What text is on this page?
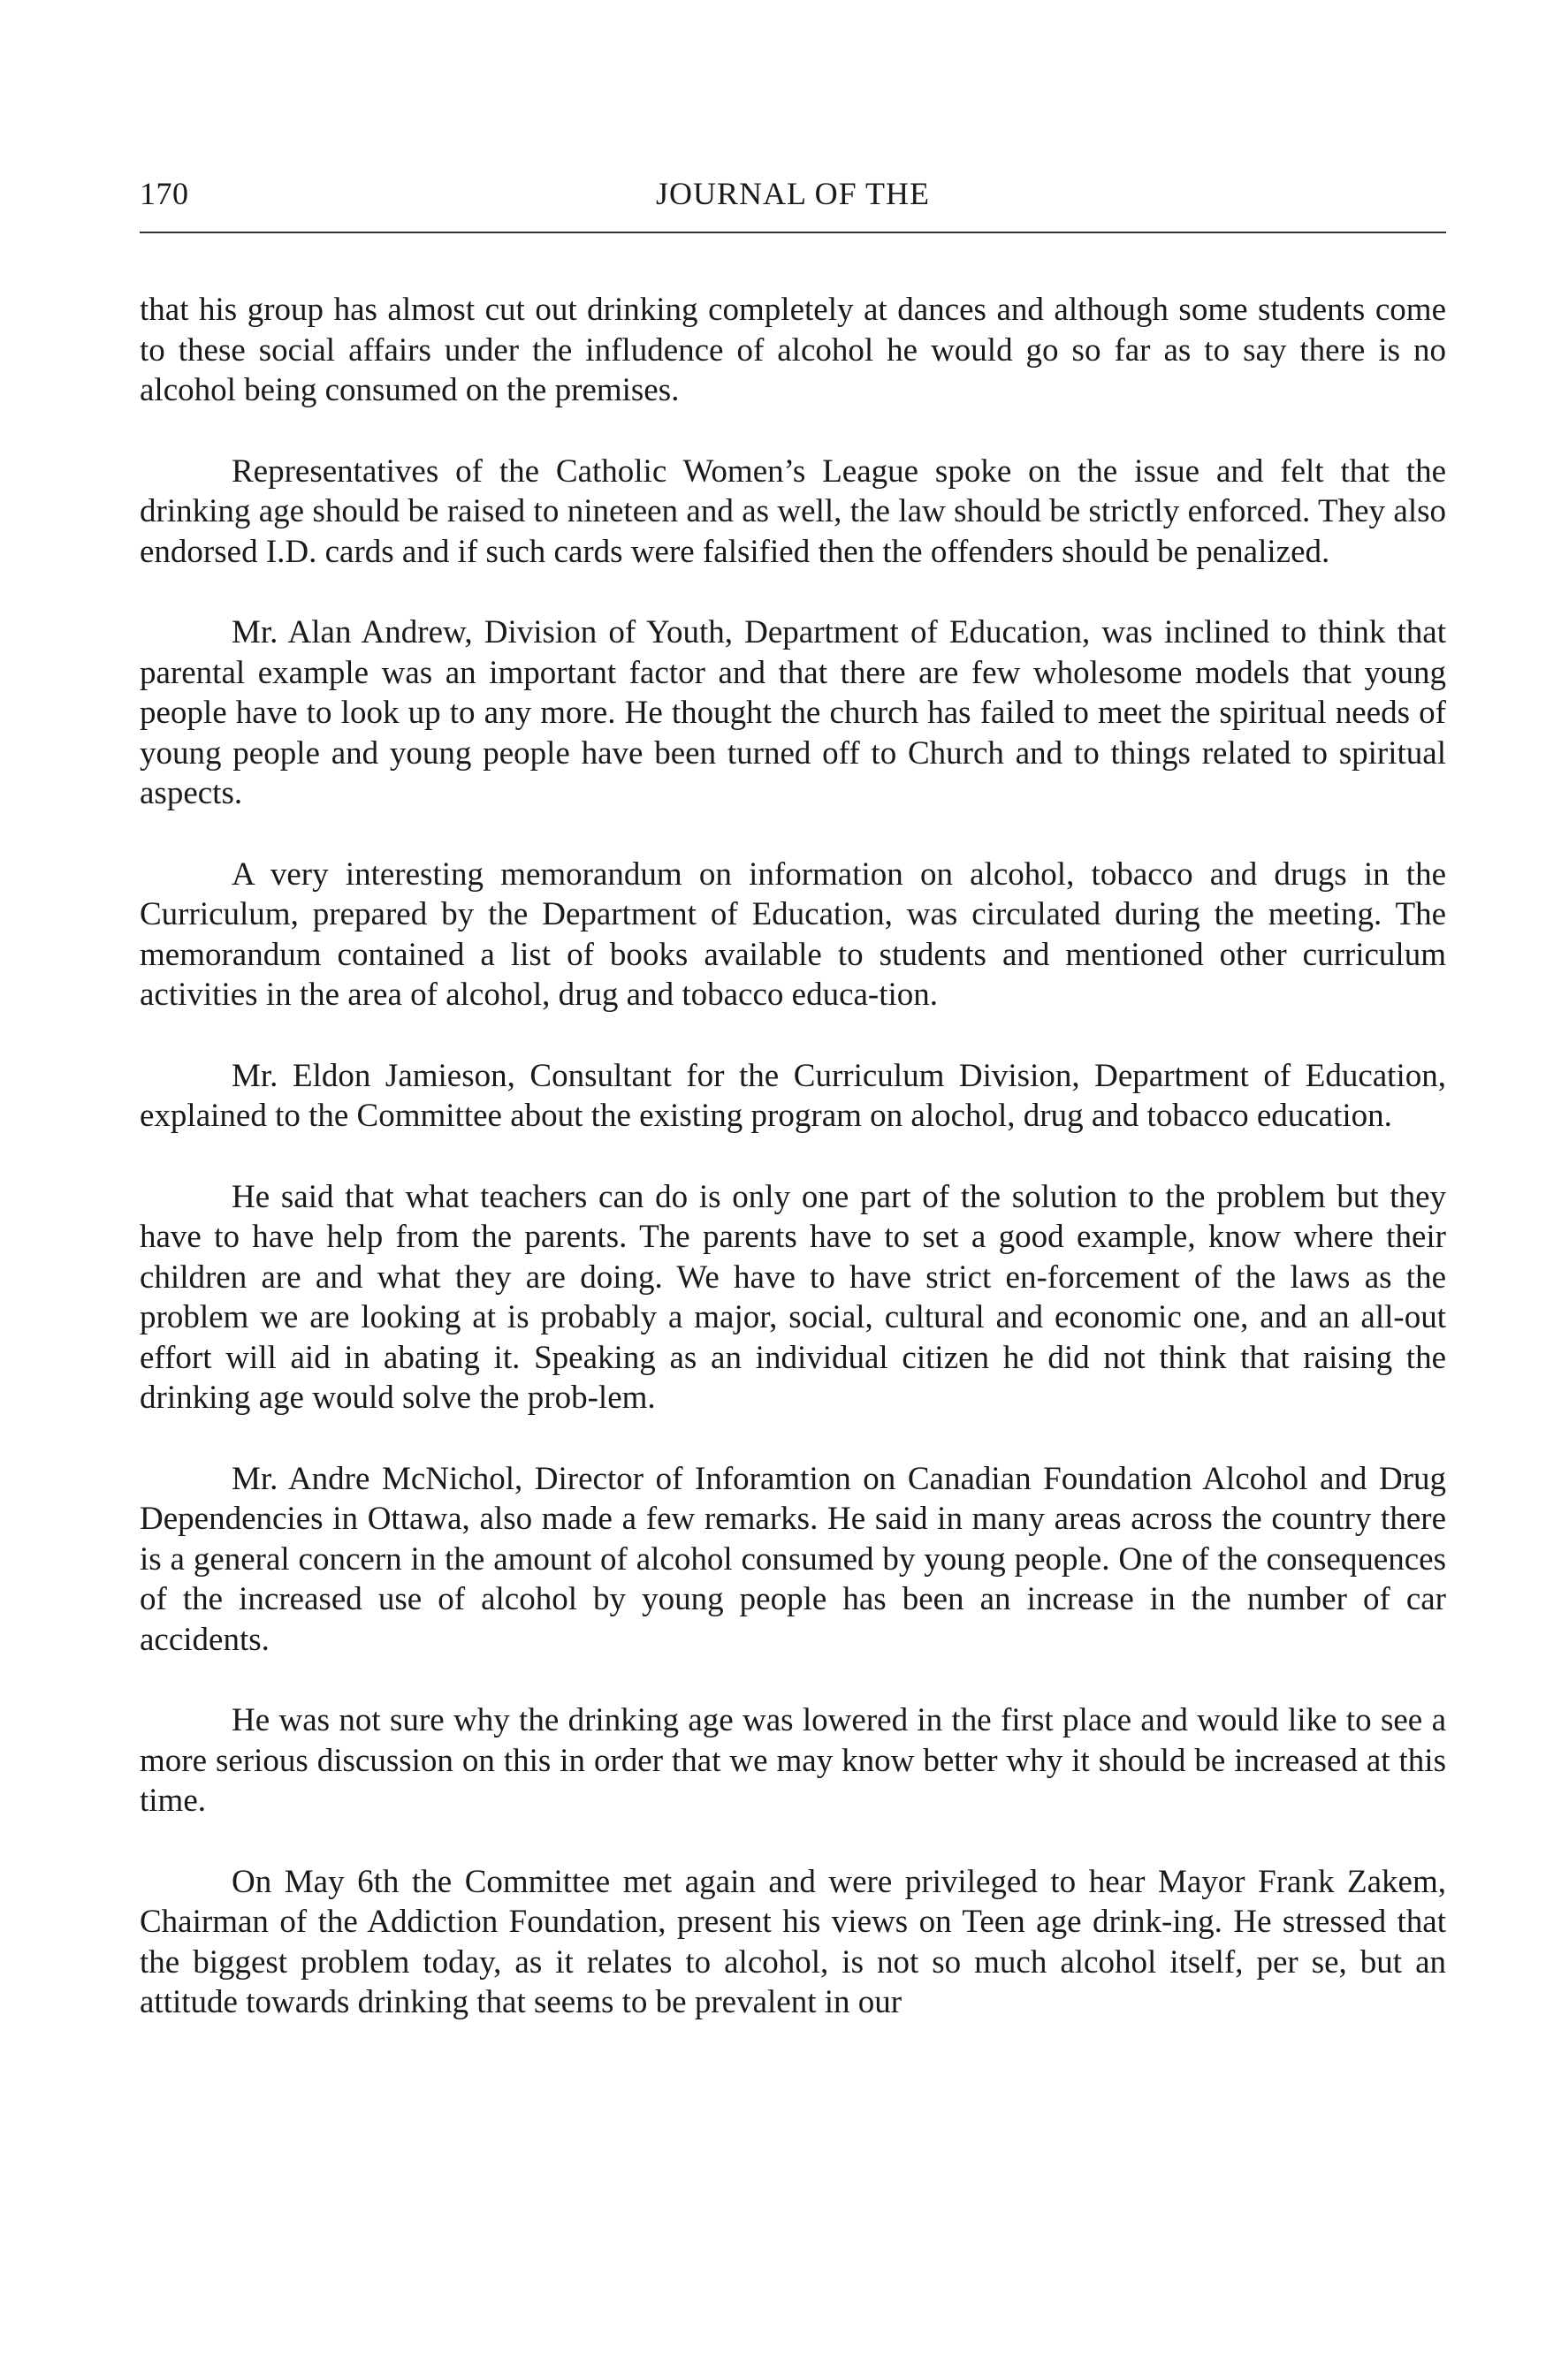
170	JOURNAL OF THE

that his group has almost cut out drinking completely at dances and although some students come to these social affairs under the infludence of alcohol he would go so far as to say there is no alcohol being consumed on the premises.

Representatives of the Catholic Women’s League spoke on the issue and felt that the drinking age should be raised to nineteen and as well, the law should be strictly enforced. They also endorsed I.D. cards and if such cards were falsified then the offenders should be penalized.

Mr. Alan Andrew, Division of Youth, Department of Education, was inclined to think that parental example was an important factor and that there are few wholesome models that young people have to look up to any more. He thought the church has failed to meet the spiritual needs of young people and young people have been turned off to Church and to things related to spiritual aspects.

A very interesting memorandum on information on alcohol, tobacco and drugs in the Curriculum, prepared by the Department of Education, was circulated during the meeting. The memorandum contained a list of books available to students and mentioned other curriculum activities in the area of alcohol, drug and tobacco educa-tion.

Mr. Eldon Jamieson, Consultant for the Curriculum Division, Department of Education, explained to the Committee about the existing program on alochol, drug and tobacco education.

He said that what teachers can do is only one part of the solution to the problem but they have to have help from the parents. The parents have to set a good example, know where their children are and what they are doing. We have to have strict en-forcement of the laws as the problem we are looking at is probably a major, social, cultural and economic one, and an all-out effort will aid in abating it. Speaking as an individual citizen he did not think that raising the drinking age would solve the prob-lem.

Mr. Andre McNichol, Director of Inforamtion on Canadian Foundation Alcohol and Drug Dependencies in Ottawa, also made a few remarks. He said in many areas across the country there is a general concern in the amount of alcohol consumed by young people. One of the consequences of the increased use of alcohol by young people has been an increase in the number of car accidents.

He was not sure why the drinking age was lowered in the first place and would like to see a more serious discussion on this in order that we may know better why it should be increased at this time.

On May 6th the Committee met again and were privileged to hear Mayor Frank Zakem, Chairman of the Addiction Foundation, present his views on Teen age drink-ing. He stressed that the biggest problem today, as it relates to alcohol, is not so much alcohol itself, per se, but an attitude towards drinking that seems to be prevalent in our
